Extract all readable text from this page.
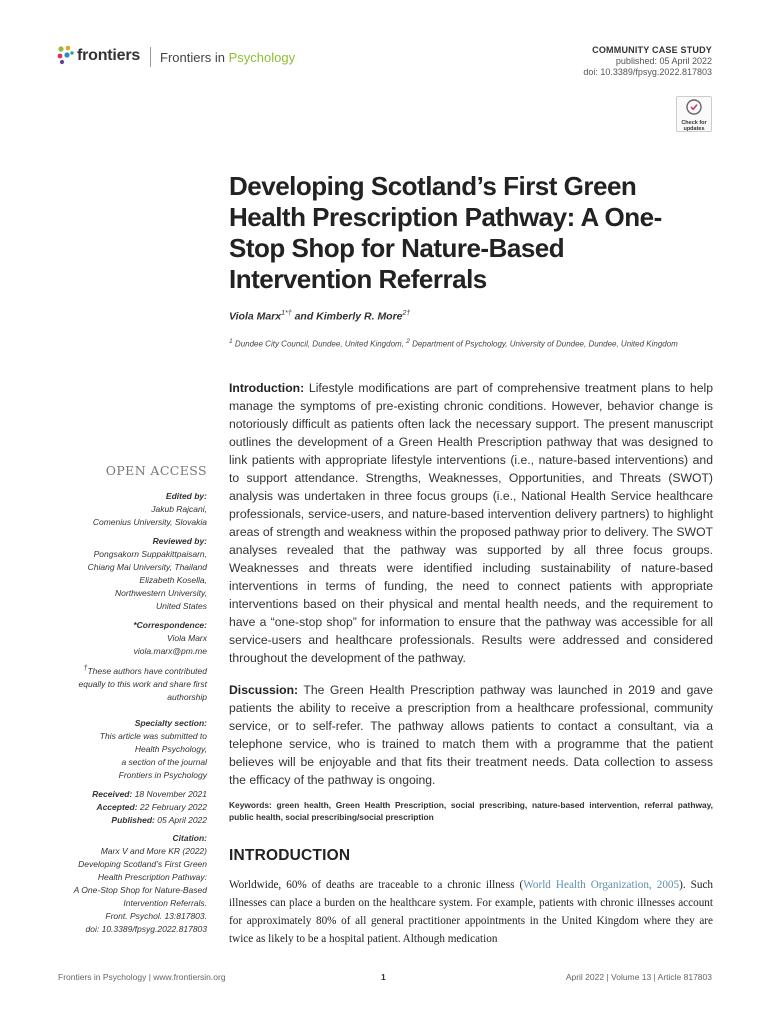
frontiers Frontiers in Psychology	COMMUNITY CASE STUDY
published: 05 April 2022
doi: 10.3389/fpsyg.2022.817803
Check for
updates
Developing Scotland’s First Green Health Prescription Pathway: A One-Stop Shop for Nature-Based Intervention Referrals
Viola Marx$^{1*\dagger}$ and Kimberly R. More$^{2\dagger}$
$^1$ Dundee City Council, Dundee, United Kingdom, $^2$ Department of Psychology, University of Dundee, Dundee, United Kingdom
Introduction: Lifestyle modifications are part of comprehensive treatment plans to help manage the symptoms of pre-existing chronic conditions. However, behavior change is notoriously difficult as patients often lack the necessary support. The present manuscript outlines the development of a Green Health Prescription pathway that was designed to link patients with appropriate lifestyle interventions (i.e., nature-based interventions) and to support attendance. Strengths, Weaknesses, Opportunities, and Threats (SWOT) analysis was undertaken in three focus groups (i.e., National Health Service healthcare professionals, service-users, and nature-based intervention delivery partners) to highlight areas of strength and weakness within the proposed pathway prior to delivery. The SWOT analyses revealed that the pathway was supported by all three focus groups. Weaknesses and threats were identified including sustainability of nature-based interventions in terms of funding, the need to connect patients with appropriate interventions based on their physical and mental health needs, and the requirement to have a “one-stop shop” for information to ensure that the pathway was accessible for all service-users and healthcare professionals. Results were addressed and considered throughout the development of the pathway.
Discussion: The Green Health Prescription pathway was launched in 2019 and gave patients the ability to receive a prescription from a healthcare professional, community service, or to self-refer. The pathway allows patients to contact a consultant, via a telephone service, who is trained to match them with a programme that the patient believes will be enjoyable and that fits their treatment needs. Data collection to assess the efficacy of the pathway is ongoing.
Keywords: green health, Green Health Prescription, social prescribing, nature-based intervention, referral pathway, public health, social prescribing/social prescription
INTRODUCTION
Worldwide, 60% of deaths are traceable to a chronic illness (World Health Organization, 2005). Such illnesses can place a burden on the healthcare system. For example, patients with chronic illnesses account for approximately 80% of all general practitioner appointments in the United Kingdom where they are twice as likely to be a hospital patient. Although medication
OPEN ACCESS
Edited by:
Jakub Rajcani,
Comenius University, Slovakia
Reviewed by:
Pongsakorn Suppakittpaisarn,
Chiang Mai University, Thailand
Elizabeth Kosella,
Northwestern University,
United States
*Correspondence:
Viola Marx
viola.marx@pm.me
†These authors have contributed
equally to this work and share first
authorship
Specialty section:
This article was submitted to
Health Psychology,
a section of the journal
Frontiers in Psychology
Received: 18 November 2021
Accepted: 22 February 2022
Published: 05 April 2022
Citation:
Marx V and More KR (2022)
Developing Scotland’s First Green
Health Prescription Pathway:
A One-Stop Shop for Nature-Based
Intervention Referrals.
Front. Psychol. 13:817803.
doi: 10.3389/fpsyg.2022.817803
Frontiers in Psychology | www.frontiersin.org	1	April 2022 | Volume 13 | Article 817803
